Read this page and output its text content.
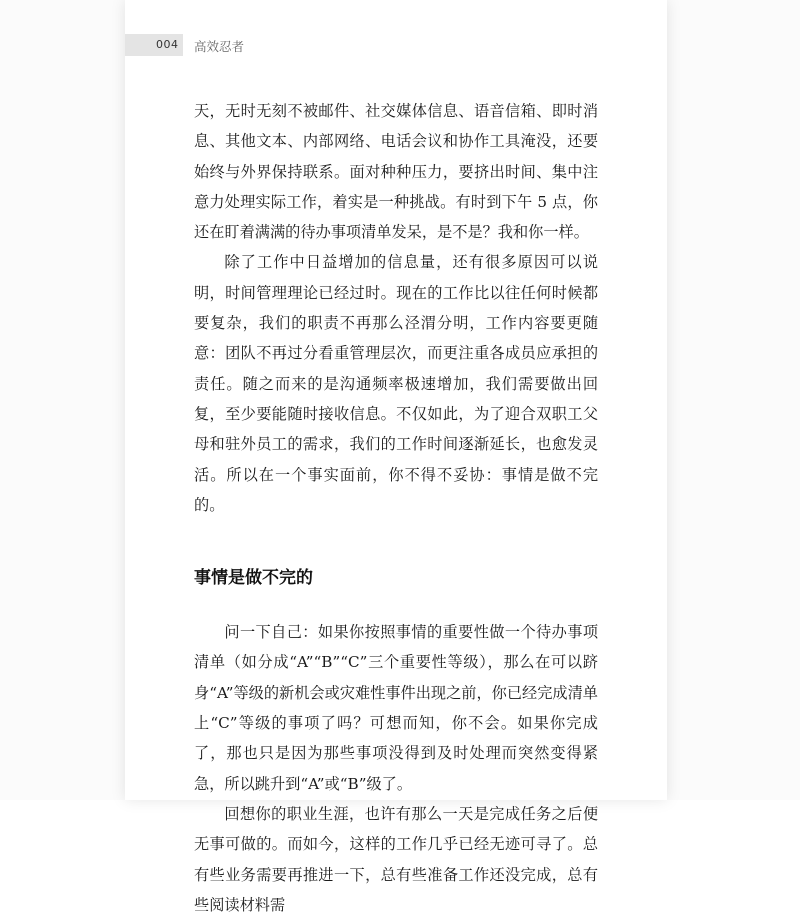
004 高效忍者

天，无时无刻不被邮件、社交媒体信息、语音信箱、即时消息、其他文本、内部网络、电话会议和协作工具淹没，还要始终与外界保持联系。面对种种压力，要挤出时间、集中注意力处理实际工作，着实是一种挑战。有时到下午 5 点，你还在盯着满满的待办事项清单发呆，是不是？我和你一样。

除了工作中日益增加的信息量，还有很多原因可以说明，时间管理理论已经过时。现在的工作比以往任何时候都要复杂，我们的职责不再那么泾渭分明，工作内容要更随意：团队不再过分看重管理层次，而更注重各成员应承担的责任。随之而来的是沟通频率极速增加，我们需要做出回复，至少要能随时接收信息。不仅如此，为了迎合双职工父母和驻外员工的需求，我们的工作时间逐渐延长，也愈发灵活。所以在一个事实面前，你不得不妥协：事情是做不完的。

事情是做不完的

问一下自己：如果你按照事情的重要性做一个待办事项清单（如分成“A”“B”“C”三个重要性等级），那么在可以跻身“A”等级的新机会或灾难性事件出现之前，你已经完成清单上“C”等级的事项了吗？可想而知，你不会。如果你完成了，那也只是因为那些事项没得到及时处理而突然变得紧急，所以跳升到“A”或“B”级了。

回想你的职业生涯，也许有那么一天是完成任务之后便无事可做的。而如今，这样的工作几乎已经无迹可寻了。总有些业务需要再推进一下，总有些准备工作还没完成，总有些阅读材料需
